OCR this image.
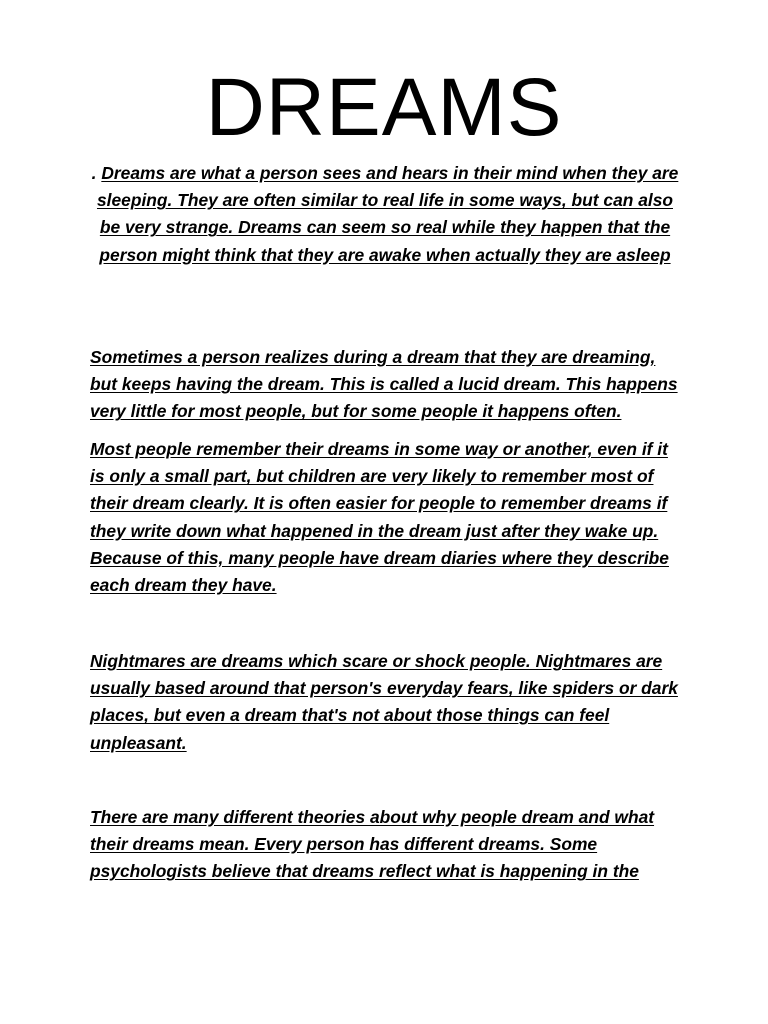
DREAMS

. Dreams are what a person sees and hears in their mind when they are sleeping. They are often similar to real life in some ways, but can also be very strange. Dreams can seem so real while they happen that the person might think that they are awake when actually they are asleep

Sometimes a person realizes during a dream that they are dreaming, but keeps having the dream. This is called a lucid dream. This happens very little for most people, but for some people it happens often.

Most people remember their dreams in some way or another, even if it is only a small part, but children are very likely to remember most of their dream clearly. It is often easier for people to remember dreams if they write down what happened in the dream just after they wake up. Because of this, many people have dream diaries where they describe each dream they have.

Nightmares are dreams which scare or shock people. Nightmares are usually based around that person's everyday fears, like spiders or dark places, but even a dream that's not about those things can feel unpleasant.

There are many different theories about why people dream and what their dreams mean. Every person has different dreams. Some psychologists believe that dreams reflect what is happening in the
